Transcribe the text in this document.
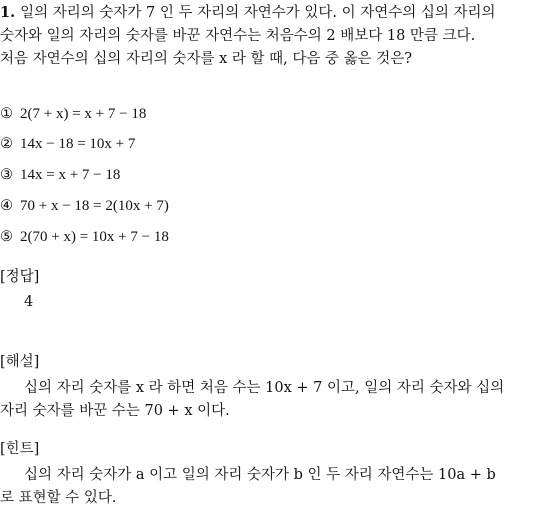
1. 일의 자리의 숫자가 7 인 두 자리의 자연수가 있다. 이 자연수의 십의 자리의
숫자와 일의 자리의 숫자를 바꾼 자연수는 처음수의 2 배보다 18 만큼 크다.
처음 자연수의 십의 자리의 숫자를 x 라 할 때, 다음 중 옳은 것은?
① 2(7 + x) = x + 7 − 18
② 14x − 18 = 10x + 7
③ 14x = x + 7 − 18
④ 70 + x − 18 = 2(10x + 7)
⑤ 2(70 + x) = 10x + 7 − 18
[정답]
4
[해설]
십의 자리 숫자를 x 라 하면 처음 수는 10x + 7 이고, 일의 자리 숫자와 십의
자리 숫자를 바꾼 수는 70 + x 이다.
[힌트]
십의 자리 숫자가 a 이고 일의 자리 숫자가 b 인 두 자리 자연수는 10a + b
로 표현할 수 있다.
